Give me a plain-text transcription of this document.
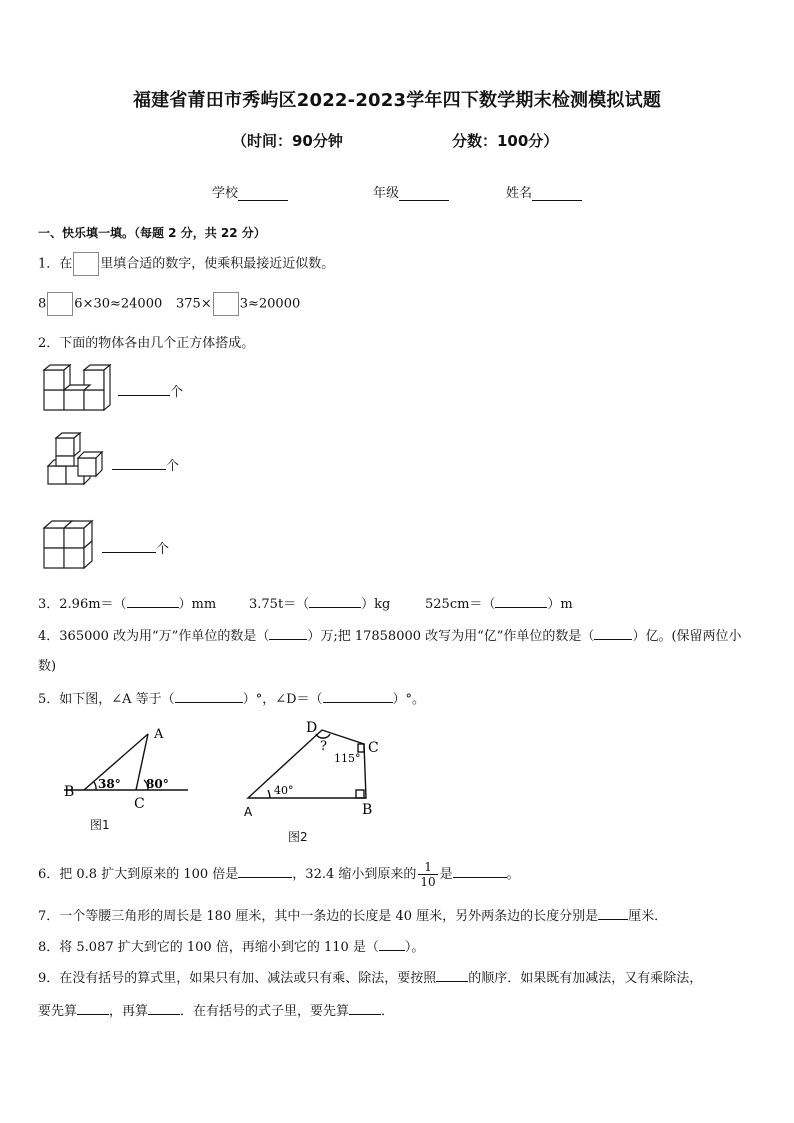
福建省莆田市秀屿区2022-2023学年四下数学期末检测模拟试题
（时间：90分钟	分数：100分）
学校	年级	姓名
一、快乐填一填。（每题 2 分，共 22 分）
1．在 里填合适的数字，使乘积最接近近似数。
8 6×30≈24000 375× 3≈20000
2．下面的物体各由几个正方体搭成。
个
个
个
3．2.96m＝（	）mm	3.75t＝（	）kg	525cm＝（	）m
4．365000 改为用“万”作单位的数是（	）万;把 17858000 改写为用“亿”作单位的数是（	）亿。(保留两位小
数)
5．如下图，∠A 等于（	）°，∠D＝（	）°。
B
A
C
38° 80°
图1
A	B
C
D
40°
115°
?
图2
6．把 0.8 扩大到原来的 100 倍是	，32.4 缩小到原来的 $\frac{1}{10}$ 是	。
7．一个等腰三角形的周长是 180 厘米，其中一条边的长度是 40 厘米，另外两条边的长度分别是 厘米．
8．将 5.087 扩大到它的 100 倍，再缩小到它的 110 是（ ）。
9．在没有括号的算式里，如果只有加、减法或只有乘、除法，要按照 的顺序．如果既有加减法，又有乘除法，
要先算 ，再算 ．在有括号的式子里，要先算 ．
